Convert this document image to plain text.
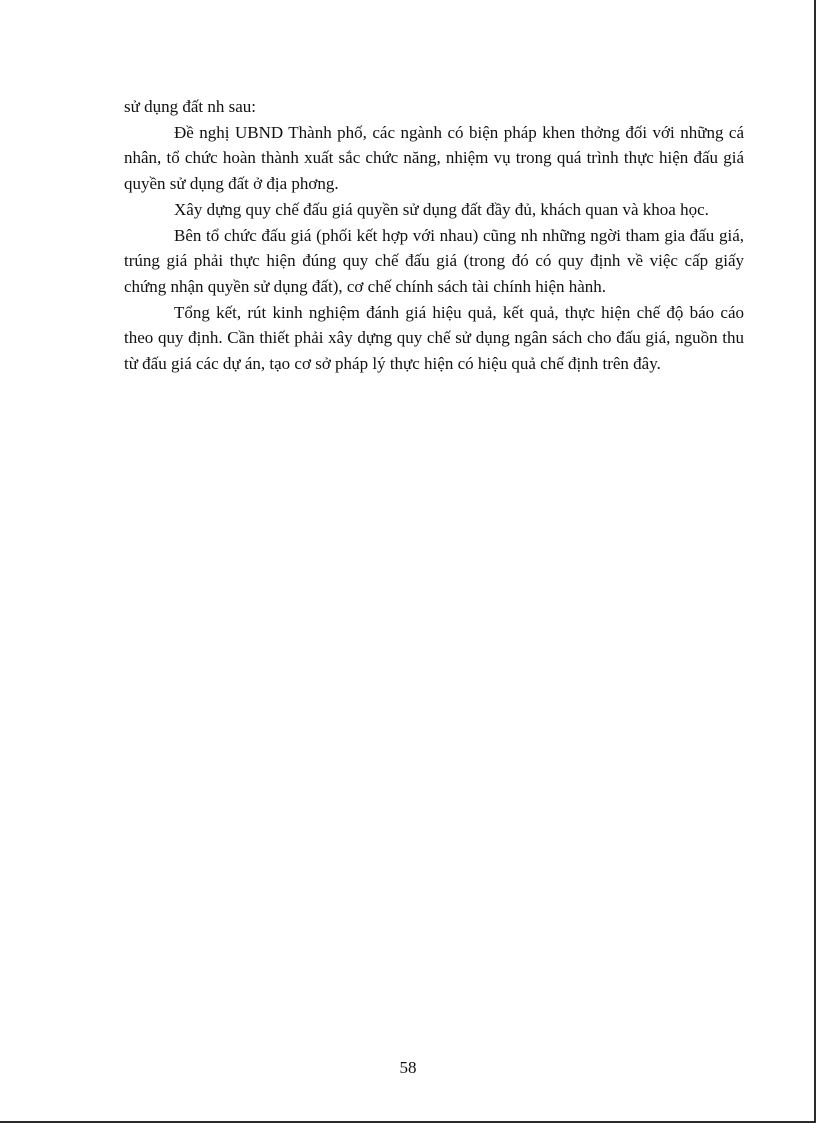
sử dụng đất nh sau:

Đề nghị UBND Thành phố, các ngành có biện pháp khen thởng đối với những cá nhân, tổ chức hoàn thành xuất sắc chức năng, nhiệm vụ trong quá trình thực hiện đấu giá quyền sử dụng đất ở địa phơng.

Xây dựng quy chế đấu giá quyền sử dụng đất đầy đủ, khách quan và khoa học.

Bên tổ chức đấu giá (phối kết hợp với nhau) cũng nh những ngời tham gia đấu giá, trúng giá phải thực hiện đúng quy chế đấu giá (trong đó có quy định về việc cấp giấy chứng nhận quyền sử dụng đất), cơ chế chính sách tài chính hiện hành.

Tổng kết, rút kinh nghiệm đánh giá hiệu quả, kết quả, thực hiện chế độ báo cáo theo quy định. Cần thiết phải xây dựng quy chế sử dụng ngân sách cho đấu giá, nguồn thu từ đấu giá các dự án, tạo cơ sở pháp lý thực hiện có hiệu quả chế định trên đây.

58
